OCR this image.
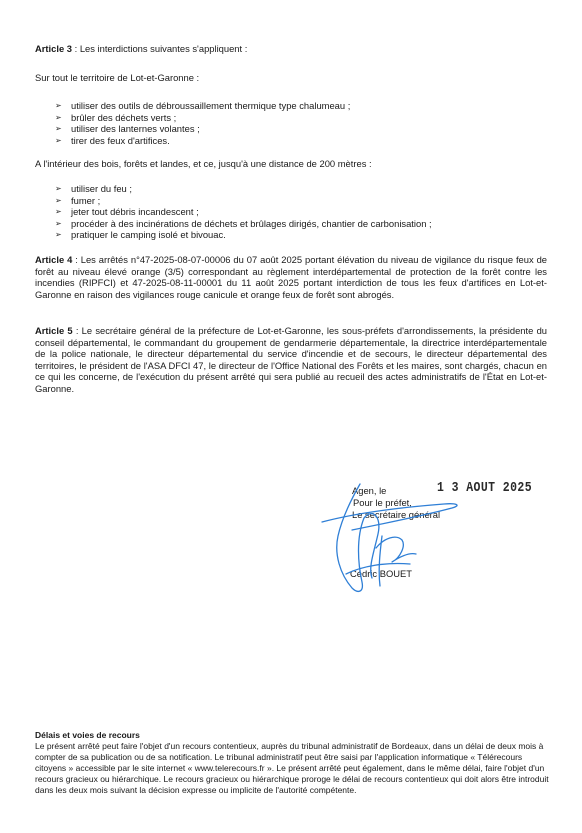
Article 3 : Les interdictions suivantes s'appliquent :

Sur tout le territoire de Lot-et-Garonne :

➢ utiliser des outils de débroussaillement thermique type chalumeau ;
➢ brûler des déchets verts ;
➢ utiliser des lanternes volantes ;
➢ tirer des feux d'artifices.

A l'intérieur des bois, forêts et landes, et ce, jusqu'à une distance de 200 mètres :

➢ utiliser du feu ;
➢ fumer ;
➢ jeter tout débris incandescent ;
➢ procéder à des incinérations de déchets et brûlages dirigés, chantier de carbonisation ;
➢ pratiquer le camping isolé et bivouac.

Article 4 : Les arrêtés n°47-2025-08-07-00006 du 07 août 2025 portant élévation du niveau de vigilance du risque feux de forêt au niveau élevé orange (3/5) correspondant au règlement interdépartemental de protection de la forêt contre les incendies (RIPFCI) et 47-2025-08-11-00001 du 11 août 2025 portant interdiction de tous les feux d'artifices en Lot-et-Garonne en raison des vigilances rouge canicule et orange feux de forêt sont abrogés.

Article 5 : Le secrétaire général de la préfecture de Lot-et-Garonne, les sous-préfets d'arrondissements, la présidente du conseil départemental, le commandant du groupement de gendarmerie départementale, la directrice interdépartementale de la police nationale, le directeur départemental du service d'incendie et de secours, le directeur départemental des territoires, le président de l'ASA DFCI 47, le directeur de l'Office National des Forêts et les maires, sont chargés, chacun en ce qui les concerne, de l'exécution du présent arrêté qui sera publié au recueil des actes administratifs de l'État en Lot-et-Garonne.

Agen, le	1 3 AOUT 2025
Pour le préfet,
Le secrétaire général
Cédric BOUET
Délais et voies de recours
Le présent arrêté peut faire l'objet d'un recours contentieux, auprès du tribunal administratif de Bordeaux, dans un délai de deux mois à compter de sa publication ou de sa notification. Le tribunal administratif peut être saisi par l'application informatique « Télérecours citoyens » accessible par le site internet « www.telerecours.fr ». Le présent arrêté peut également, dans le même délai, faire l'objet d'un recours gracieux ou hiérarchique. Le recours gracieux ou hiérarchique proroge le délai de recours contentieux qui doit alors être introduit dans les deux mois suivant la décision expresse ou implicite de l'autorité compétente.
